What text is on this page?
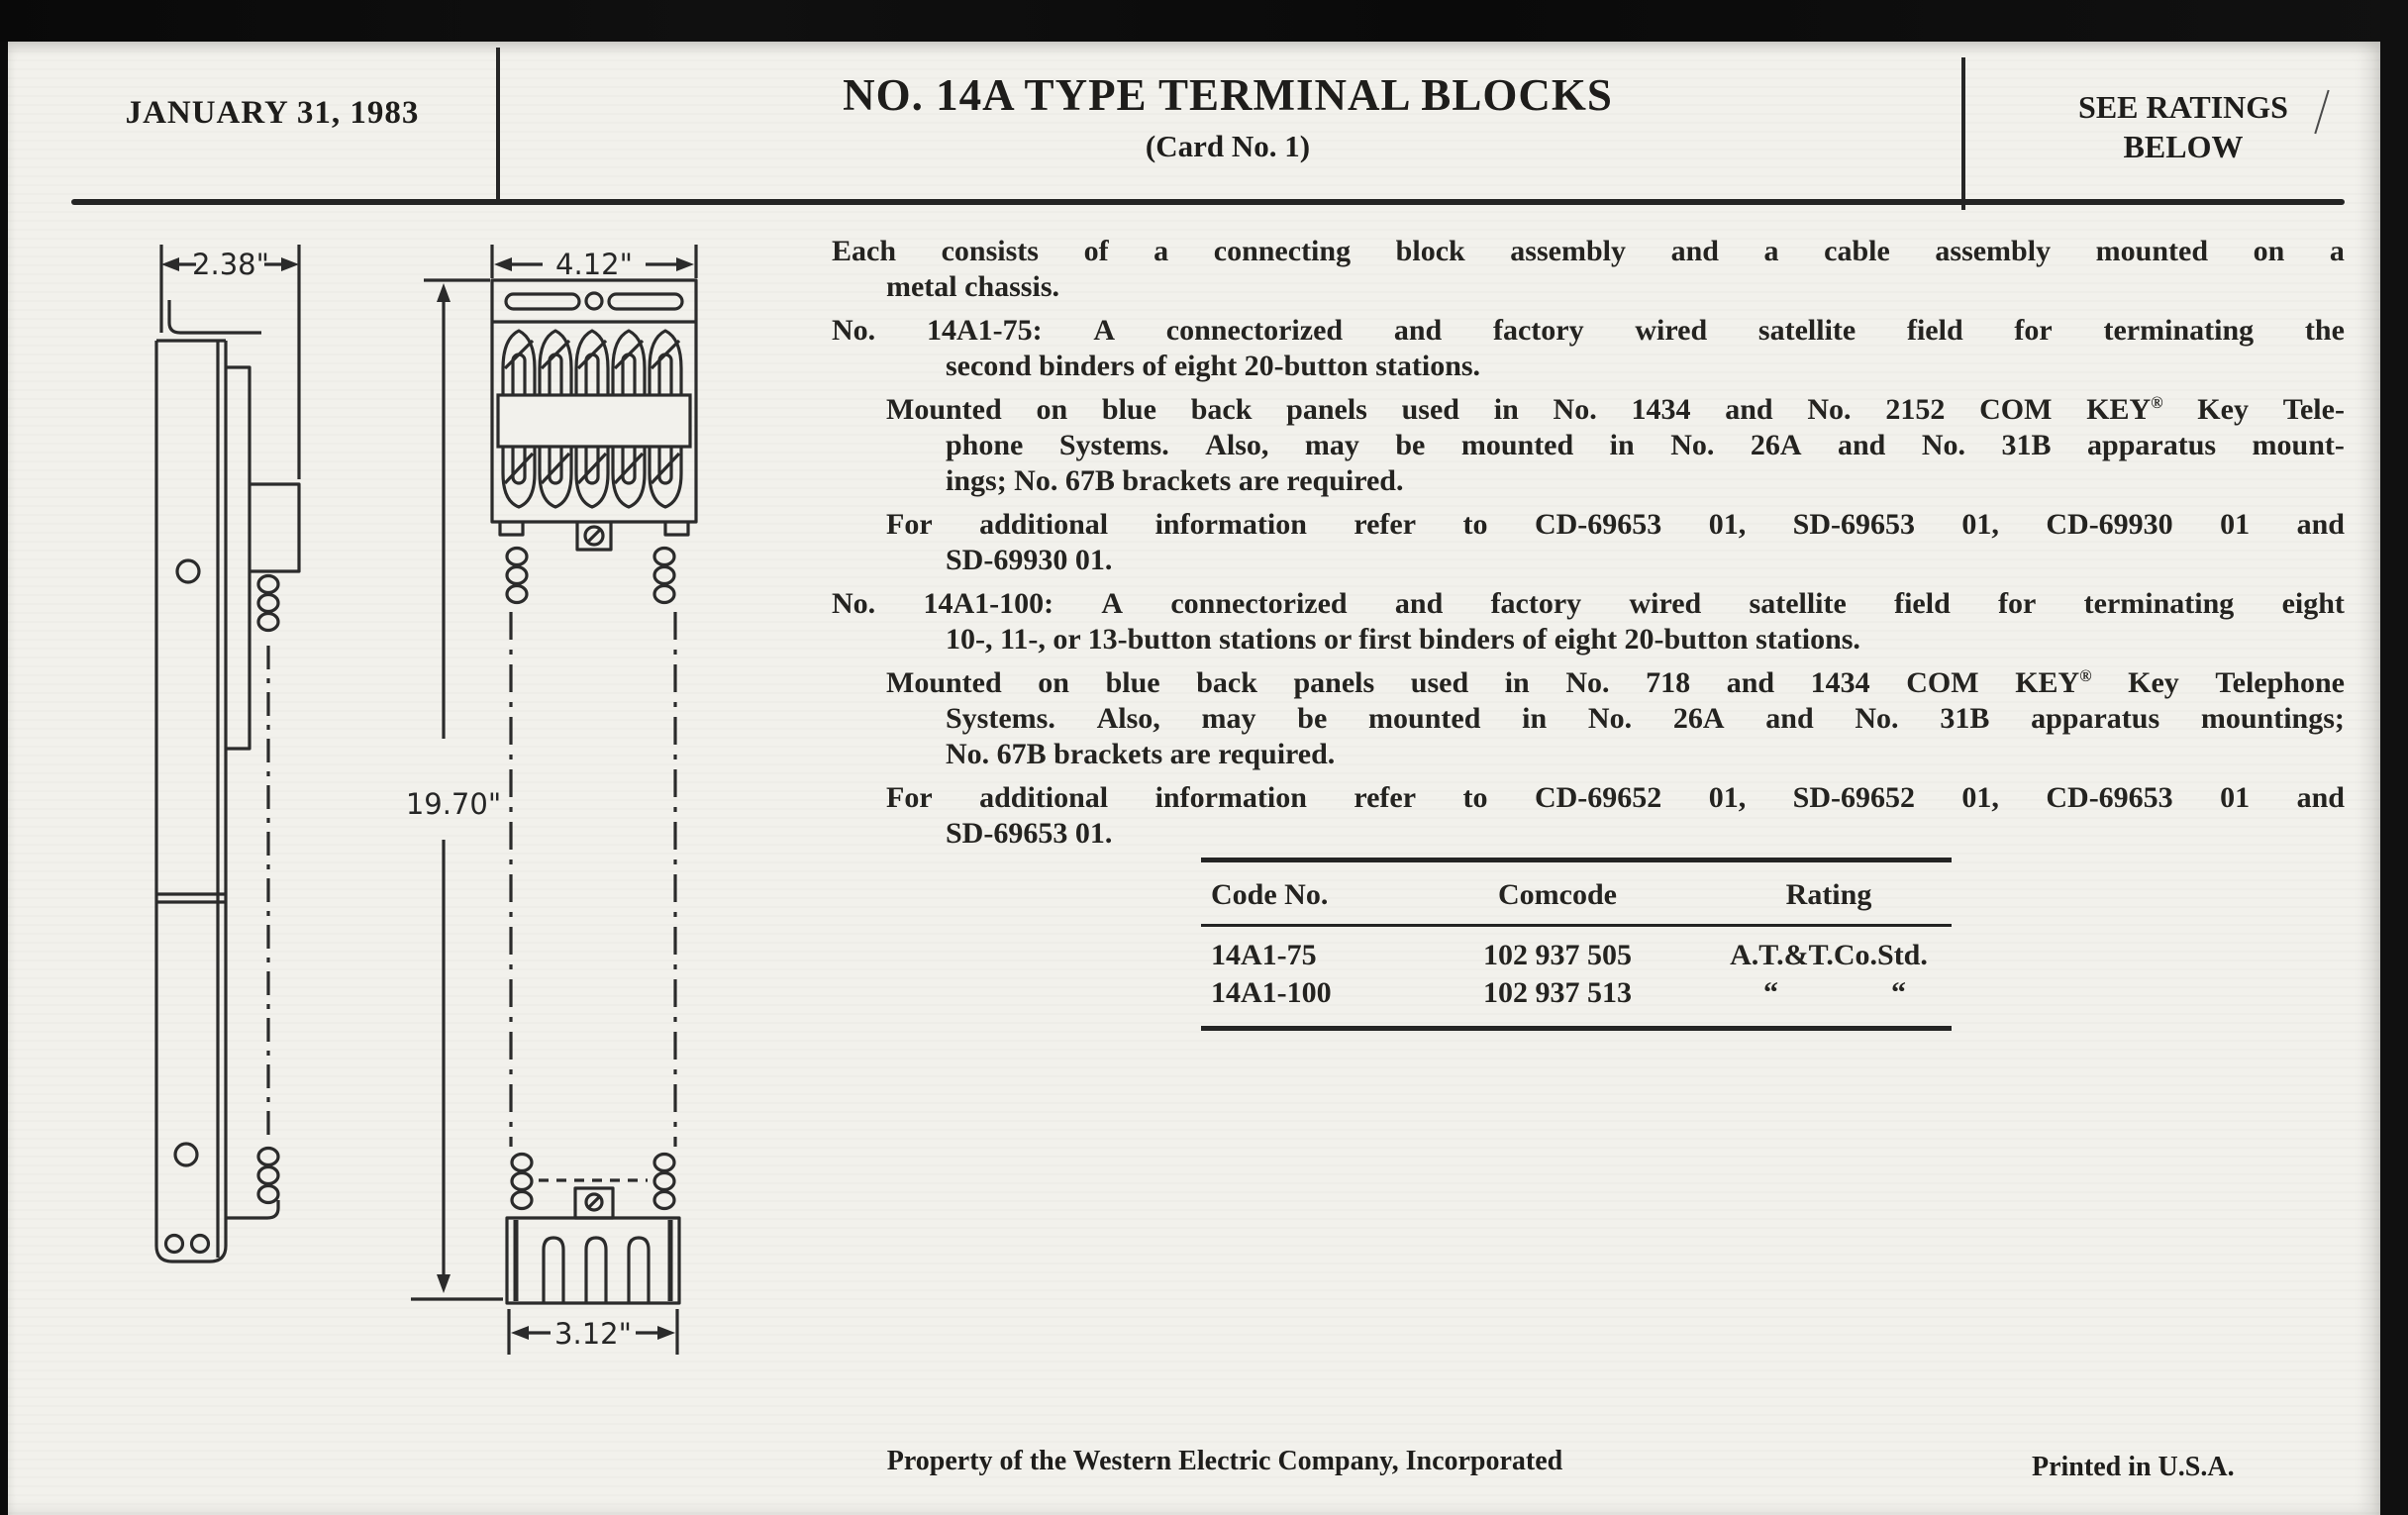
JANUARY 31, 1983	NO. 14A TYPE TERMINAL BLOCKS
(Card No. 1)
SEE RATINGS
BELOW
2.38"	4.12"
19.70"
3.12"
Each consists of a connecting block assembly and a cable assembly mounted on a
metal chassis.
No. 14A1-75: A connectorized and factory wired satellite field for terminating the
second binders of eight 20-button stations.
Mounted on blue back panels used in No. 1434 and No. 2152 COM KEY® Key Tele-
phone Systems. Also, may be mounted in No. 26A and No. 31B apparatus mount-
ings; No. 67B brackets are required.
For additional information refer to CD-69653 01, SD-69653 01, CD-69930 01 and
SD-69930 01.
No. 14A1-100: A connectorized and factory wired satellite field for terminating eight
10-, 11-, or 13-button stations or first binders of eight 20-button stations.
Mounted on blue back panels used in No. 718 and 1434 COM KEY® Key Telephone
Systems. Also, may be mounted in No. 26A and No. 31B apparatus mountings;
No. 67B brackets are required.
For additional information refer to CD-69652 01, SD-69652 01, CD-69653 01 and
SD-69653 01.
Code No.	Comcode	Rating
14A1-75	102 937 505	A.T.&T.Co.Std.
14A1-100	102 937 513	“	“
Property of the Western Electric Company, Incorporated	Printed in U.S.A.
